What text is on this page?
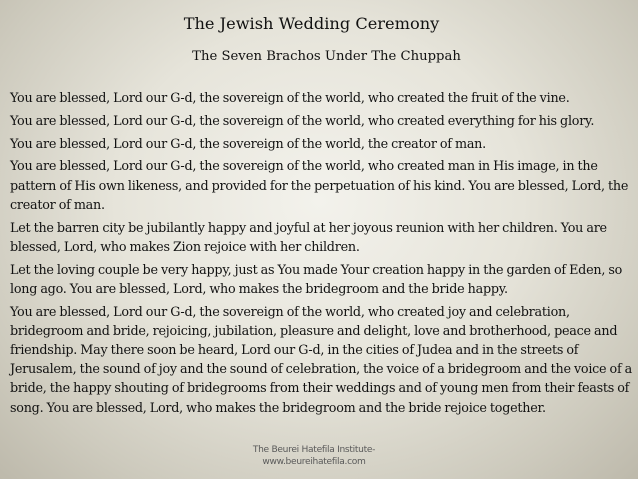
The Jewish Wedding Ceremony
The Seven Brachos Under The Chuppah

You are blessed, Lord our G-d, the sovereign of the world, who created the fruit of the vine.

You are blessed, Lord our G-d, the sovereign of the world, who created everything for his glory.

You are blessed, Lord our G-d, the sovereign of the world, the creator of man.

You are blessed, Lord our G-d, the sovereign of the world, who created man in His image, in the pattern of His own likeness, and provided for the perpetuation of his kind. You are blessed, Lord, the creator of man.

Let the barren city be jubilantly happy and joyful at her joyous reunion with her children. You are blessed, Lord, who makes Zion rejoice with her children.

Let the loving couple be very happy, just as You made Your creation happy in the garden of Eden, so long ago. You are blessed, Lord, who makes the bridegroom and the bride happy.

You are blessed, Lord our G-d, the sovereign of the world, who created joy and celebration, bridegroom and bride, rejoicing, jubilation, pleasure and delight, love and brotherhood, peace and friendship. May there soon be heard, Lord our G-d, in the cities of Judea and in the streets of Jerusalem, the sound of joy and the sound of celebration, the voice of a bridegroom and the voice of a bride, the happy shouting of bridegrooms from their weddings and of young men from their feasts of song. You are blessed, Lord, who makes the bridegroom and the bride rejoice together.

The Beurei Hatefila Institute-
www.beureihatefila.com
